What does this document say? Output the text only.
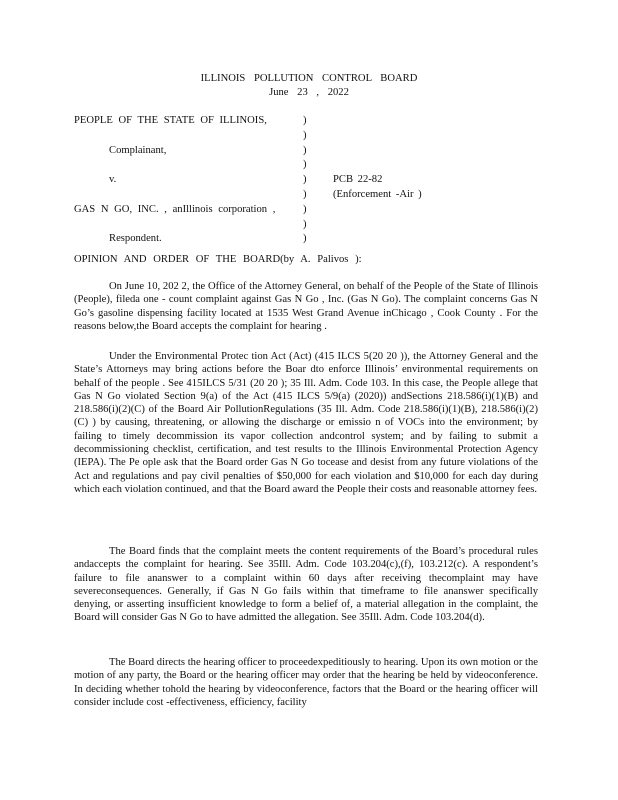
ILLINOIS POLLUTION CONTROL BOARD
June 23 , 2022
PEOPLE OF THE STATE OF ILLINOIS,	)
)
Complainant,	)
)
v.	) PCB 22-82
) (Enforcement -Air )
GAS N GO, INC. , anIllinois corporation ,	)
)
Respondent.	)
OPINION AND ORDER OF THE BOARD(by A. Palivos ):

On June 10, 202 2, the Office of the Attorney General, on behalf of the People of the State of Illinois (People), fileda one - count complaint against Gas N Go , Inc. (Gas N Go). The complaint concerns Gas N Go’s gasoline dispensing facility located at 1535 West Grand Avenue inChicago , Cook County . For the reasons below,the Board accepts the complaint for hearing .

Under the Environmental Protec tion Act (Act) (415 ILCS 5(20 20 )), the Attorney General and the State’s Attorneys may bring actions before the Boar dto enforce Illinois’ environmental requirements on behalf of the people . See 415ILCS 5/31 (20 20 ); 35 Ill. Adm. Code 103. In this case, the People allege that Gas N Go violated Section 9(a) of the Act (415 ILCS 5/9(a) (2020)) andSections 218.586(i)(1)(B) and 218.586(i)(2)(C) of the Board Air PollutionRegulations (35 Ill. Adm. Code 218.586(i)(1)(B), 218.586(i)(2)(C) ) by causing, threatening, or allowing the discharge or emissio n of VOCs into the environment; by failing to timely decommission its vapor collection andcontrol system; and by failing to submit a decommissioning checklist, certification, and test results to the Illinois Environmental Protection Agency (IEPA). The Pe ople ask that the Board order Gas N Go tocease and desist from any future violations of the Act and regulations and pay civil penalties of $50,000 for each violation and $10,000 for each day during which each violation continued, and that the Board award the People their costs and reasonable attorney fees.

The Board finds that the complaint meets the content requirements of the Board’s procedural rules andaccepts the complaint for hearing. See 35Ill. Adm. Code 103.204(c),(f), 103.212(c). A respondent’s failure to file ananswer to a complaint within 60 days after receiving thecomplaint may have severeconsequences. Generally, if Gas N Go fails within that timeframe to file ananswer specifically denying, or asserting insufficient knowledge to form a belief of, a material allegation in the complaint, the Board will consider Gas N Go to have admitted the allegation. See 35Ill. Adm. Code 103.204(d).

The Board directs the hearing officer to proceedexpeditiously to hearing. Upon its own motion or the motion of any party, the Board or the hearing officer may order that the hearing be held by videoconference. In deciding whether tohold the hearing by videoconference, factors that the Board or the hearing officer will consider include cost -effectiveness, efficiency, facility
